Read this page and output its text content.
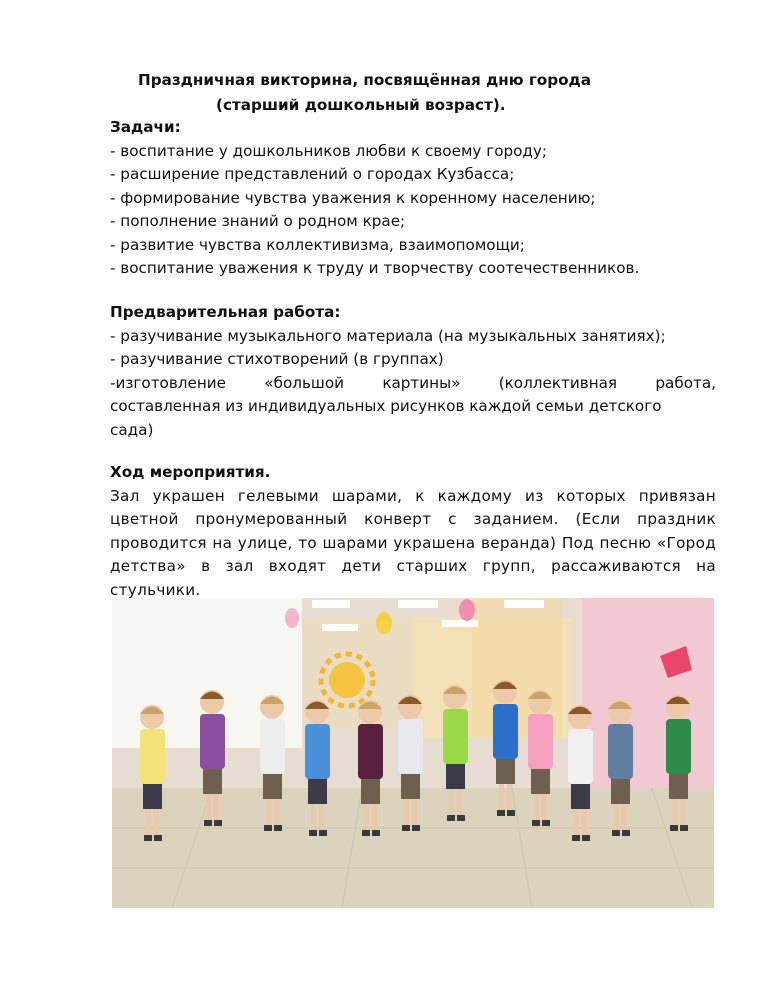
Праздничная викторина, посвящённая дню города
(старший дошкольный возраст).
Задачи:
- воспитание у дошкольников любви к своему городу;
- расширение представлений о городах Кузбасса;
- формирование чувства уважения к коренному населению;
- пополнение знаний о родном крае;
- развитие чувства коллективизма, взаимопомощи;
- воспитание уважения к труду и творчеству соотечественников.
Предварительная работа:
- разучивание музыкального материала (на музыкальных занятиях);
- разучивание стихотворений (в группах)
-изготовление	«большой	картины»	(коллективная	работа,
составленная из индивидуальных рисунков каждой семьи детского
сада)
Ход мероприятия.
Зал украшен гелевыми шарами, к каждому из которых привязан цветной пронумерованный конверт с заданием. (Если праздник проводится на улице, то шарами украшена веранда) Под песню «Город детства» в зал входят дети старших групп, рассаживаются на стульчики.
